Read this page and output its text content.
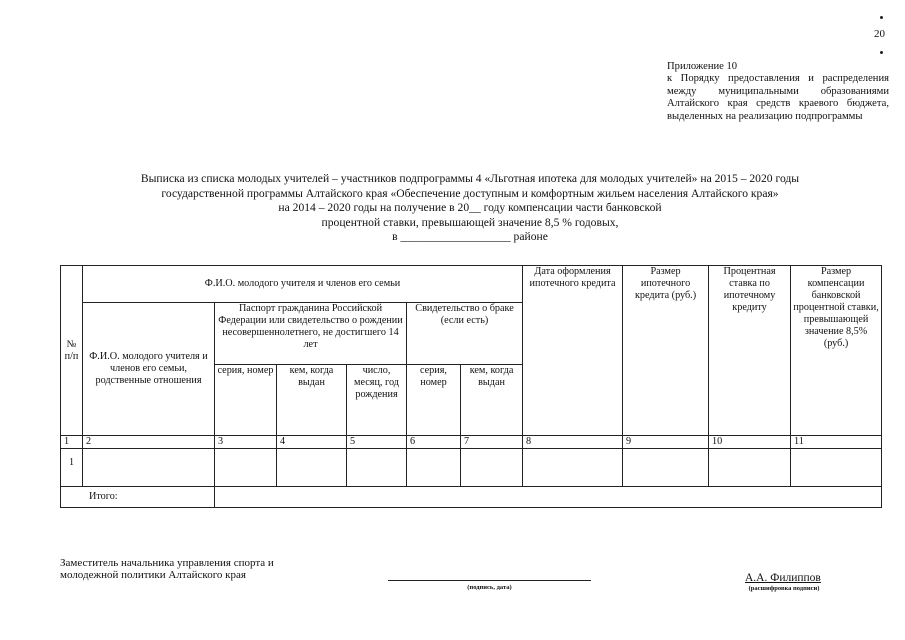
20
Приложение 10
к Порядку предоставления и распределения между муниципальными образованиями Алтайского края средств краевого бюджета, выделенных на реализацию подпрограммы
Выписка из списка молодых учителей – участников подпрограммы 4 «Льготная ипотека для молодых учителей» на 2015 – 2020 годы
государственной программы Алтайского края «Обеспечение доступным и комфортным жильем населения Алтайского края»
на 2014 – 2020 годы на получение в 20__ году компенсации части банковской
процентной ставки, превышающей значение 8,5 % годовых,
в ___________________ районе
№ п/п	Ф.И.О. молодого учителя и членов его семьи						Дата оформления ипотечного кредита	Размер ипотечного кредита (руб.)	Процентная ставка по ипотечному кредиту	Размер компенсации банковской процентной ставки, превышающей значение 8,5% (руб.)
	Ф.И.О. молодого учителя и членов его семьи, родственные отношения	Паспорт гражданина Российской Федерации или свидетельство о рождении несовершеннолетнего, не достигшего 14 лет			Свидетельство о браке (если есть)					
		серия, номер	кем, когда выдан	число, месяц, год рождения	серия, номер	кем, когда выдан				
1	2	3	4	5	6	7	8	9	10	11
1										
Итого:										
Заместитель начальника управления спорта и
молодежной политики Алтайского края
(подпись, дата)
А.А. Филиппов
(расшифровка подписи)
